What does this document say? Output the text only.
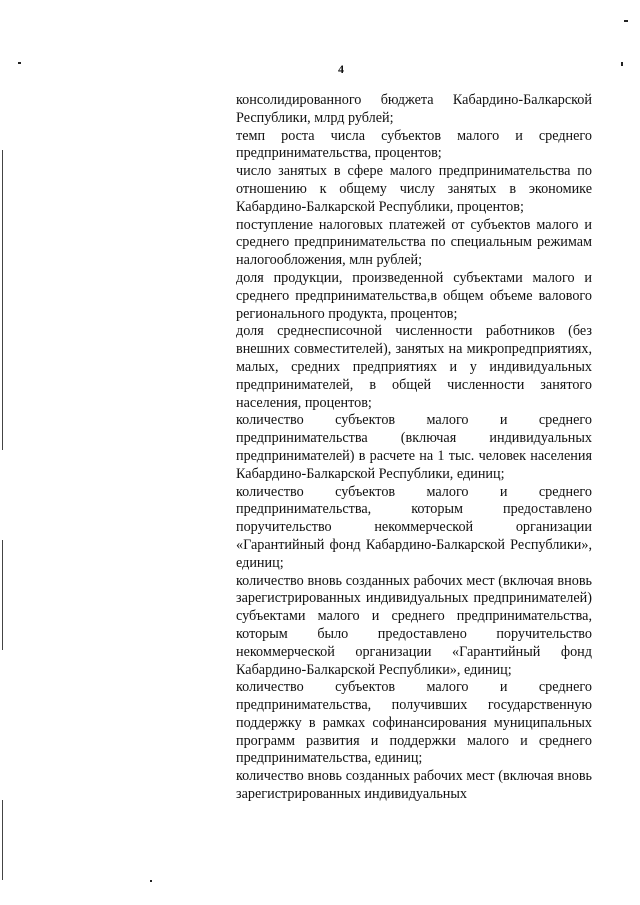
4

консолидированного бюджета Кабардино-Балкарской Республики, млрд рублей;

темп роста числа субъектов малого и среднего предпринимательства, процентов;

число занятых в сфере малого предпринимательства по отношению к общему числу занятых в экономике Кабардино-Балкарской Республики, процентов;

поступление налоговых платежей от субъектов малого и среднего предпринимательства по специальным режимам налогообложения, млн рублей;

доля продукции, произведенной субъектами малого и среднего предпринимательства,в общем объеме валового регионального продукта, процентов;

доля среднесписочной численности работников (без внешних совместителей), занятых на микропредприятиях, малых, средних предприятиях и у индивидуальных предпринимателей, в общей численности занятого населения, процентов;

количество субъектов малого и среднего предпринимательства (включая индивидуальных предпринимателей) в расчете на 1 тыс. человек населения Кабардино-Балкарской Республики, единиц;

количество субъектов малого и среднего предпринимательства, которым предоставлено поручительство некоммерческой организации «Гарантийный фонд Кабардино-Балкарской Республики», единиц;

количество вновь созданных рабочих мест (включая вновь зарегистрированных индивидуальных предпринимателей) субъектами малого и среднего предпринимательства, которым было предоставлено поручительство некоммерческой организации «Гарантийный фонд Кабардино-Балкарской Республики», единиц;

количество субъектов малого и среднего предпринимательства, получивших государственную поддержку в рамках софинансирования муниципальных программ развития и поддержки малого и среднего предпринимательства, единиц;

количество вновь созданных рабочих мест (включая вновь зарегистрированных индивидуальных
